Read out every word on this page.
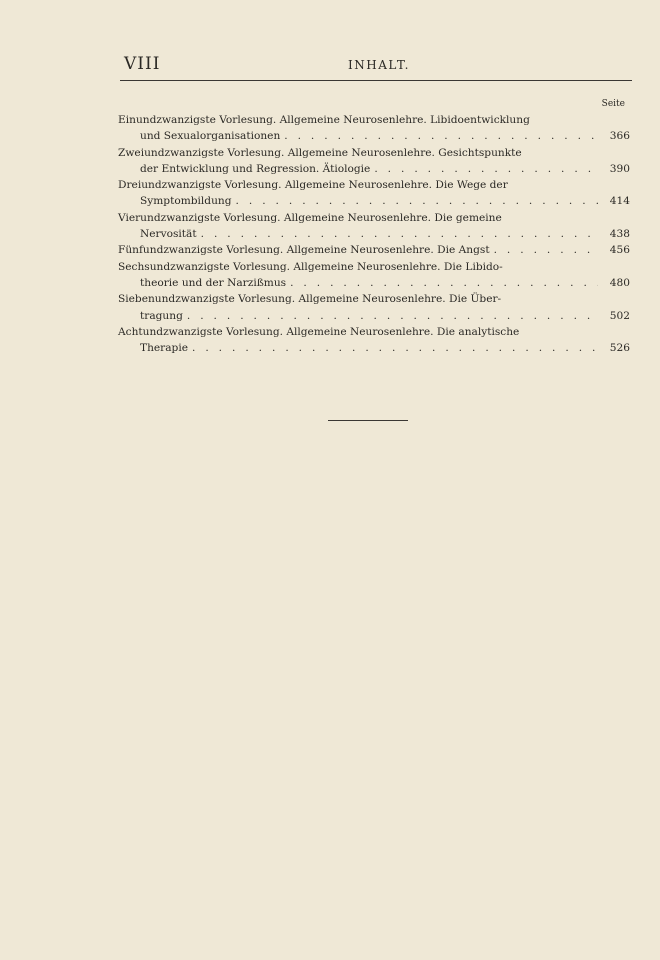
VIII	INHALT.
Seite
Einundzwanzigste Vorlesung. Allgemeine Neurosenlehre. Libidoentwicklung
und Sexualorganisationen . . .	366
Zweiundzwanzigste Vorlesung. Allgemeine Neurosenlehre. Gesichtspunkte
der Entwicklung und Regression. Ätiologie . . .	390
Dreiundzwanzigste Vorlesung. Allgemeine Neurosenlehre. Die Wege der
Symptombildung . . .	414
Vierundzwanzigste Vorlesung. Allgemeine Neurosenlehre. Die gemeine
Nervosität . . .	438
Fünfundzwanzigste Vorlesung. Allgemeine Neurosenlehre. Die Angst . . .	456
Sechsundzwanzigste Vorlesung. Allgemeine Neurosenlehre. Die Libido-
theorie und der Narzißmus . . .	480
Siebenundzwanzigste Vorlesung. Allgemeine Neurosenlehre. Die Über-
tragung . . .	502
Achtundzwanzigste Vorlesung. Allgemeine Neurosenlehre. Die analytische
Therapie . . .	526
